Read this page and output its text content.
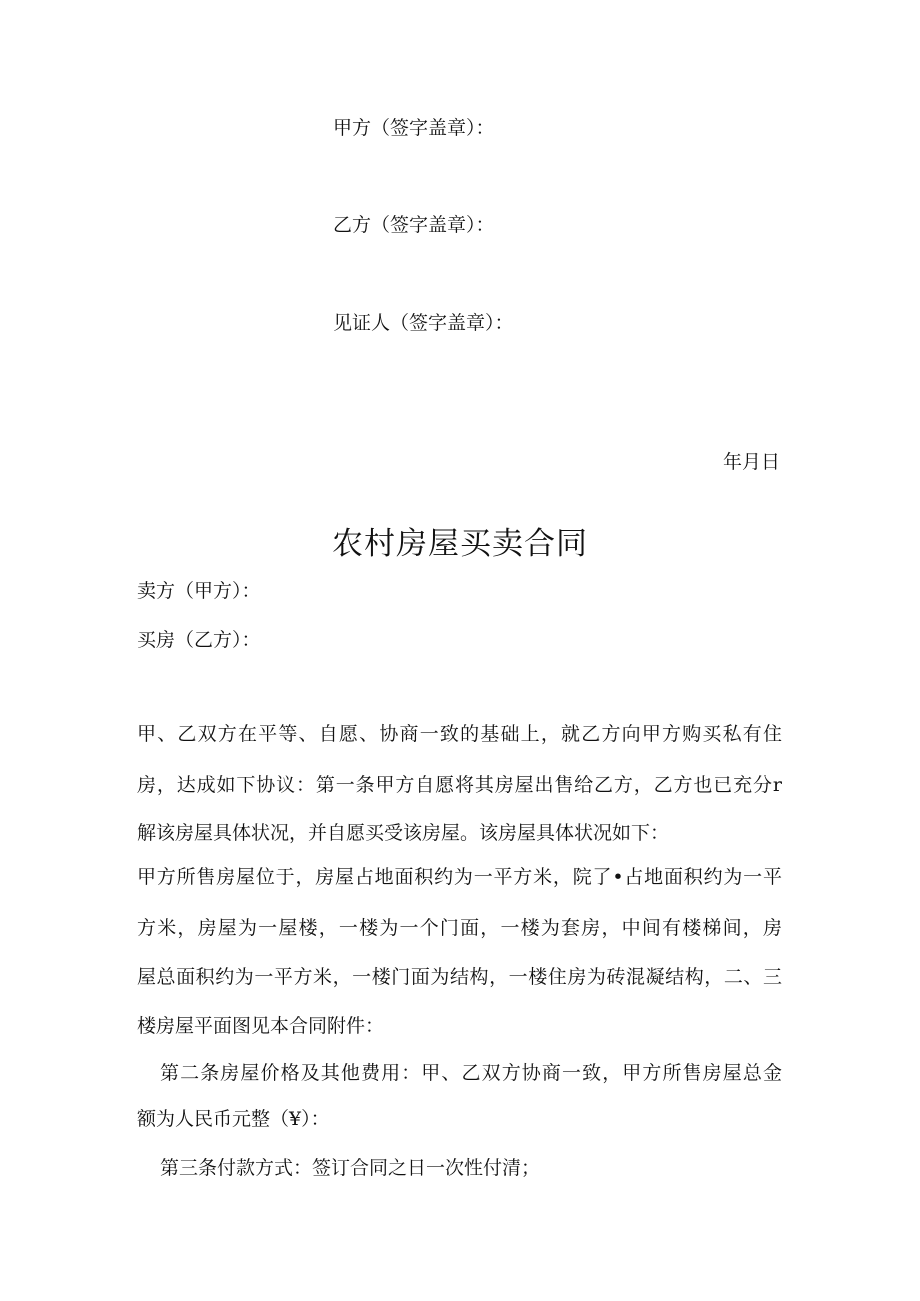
甲方（签字盖章）：

乙方（签字盖章）：

见证人（签字盖章）：

年月日

农村房屋买卖合同

卖方（甲方）：

买房（乙方）：

甲、乙双方在平等、自愿、协商一致的基础上，就乙方向甲方购买私有住

房，达成如下协议：第一条甲方自愿将其房屋出售给乙方，乙方也已充分r

解该房屋具体状况，并自愿买受该房屋。该房屋具体状况如下：

甲方所售房屋位于，房屋占地面积约为一平方米，院了•占地面积约为一平

方米，房屋为一屋楼，一楼为一个门面，一楼为套房，中间有楼梯间，房

屋总面积约为一平方米，一楼门面为结构，一楼住房为砖混凝结构，二、三

楼房屋平面图见本合同附件：

第二条房屋价格及其他费用：甲、乙双方协商一致，甲方所售房屋总金

额为人民币元整（¥）：

第三条付款方式：签订合同之日一次性付清；
